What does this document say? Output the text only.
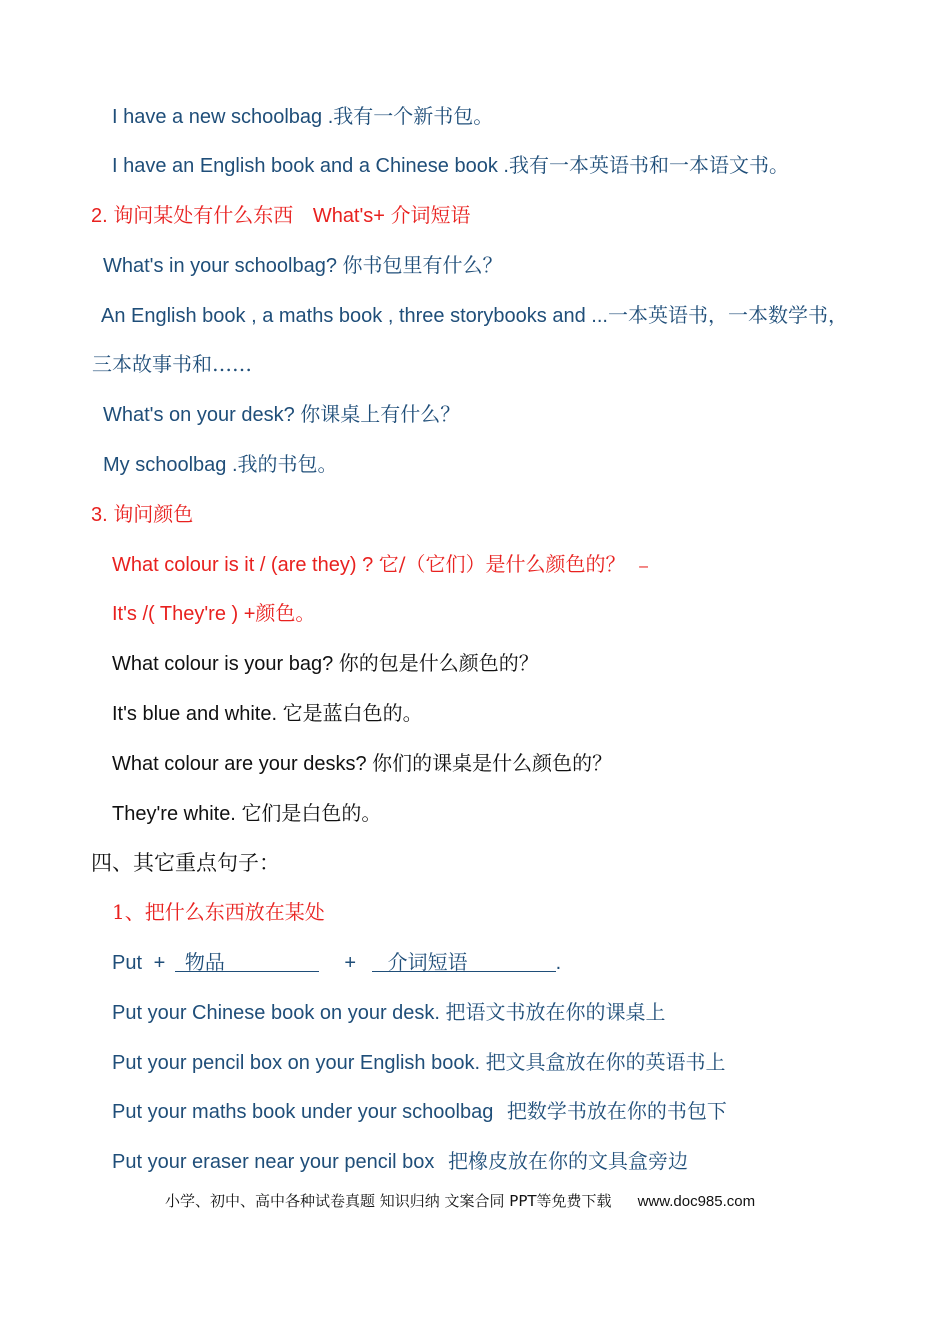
I have a new schoolbag .我有一个新书包。
I have an English book and a Chinese book .我有一本英语书和一本语文书。
2. 询问某处有什么东西 What's+ 介词短语
What's in your schoolbag? 你书包里有什么？
An English book , a maths book , three storybooks and ...一本英语书，一本数学书，
三本故事书和……
What's on your desk? 你课桌上有什么？
My schoolbag .我的书包。
3. 询问颜色
What colour is it / (are they) ? 它/（它们）是什么颜色的？ –
It's /( They're ) +颜色。
What colour is your bag? 你的包是什么颜色的？
It's blue and white. 它是蓝白色的。
What colour are your desks? 你们的课桌是什么颜色的？
They're white. 它们是白色的。
四、其它重点句子：
1、把什么东西放在某处
Put + 物品	+ 介词短语	.
Put your Chinese book on your desk. 把语文书放在你的课桌上
Put your pencil box on your English book. 把文具盒放在你的英语书上
Put your maths book under your schoolbag 把数学书放在你的书包下
Put your eraser near your pencil box 把橡皮放在你的文具盒旁边
小学、初中、高中各种试卷真题 知识归纳 文案合同 PPT等免费下载 www.doc985.com
